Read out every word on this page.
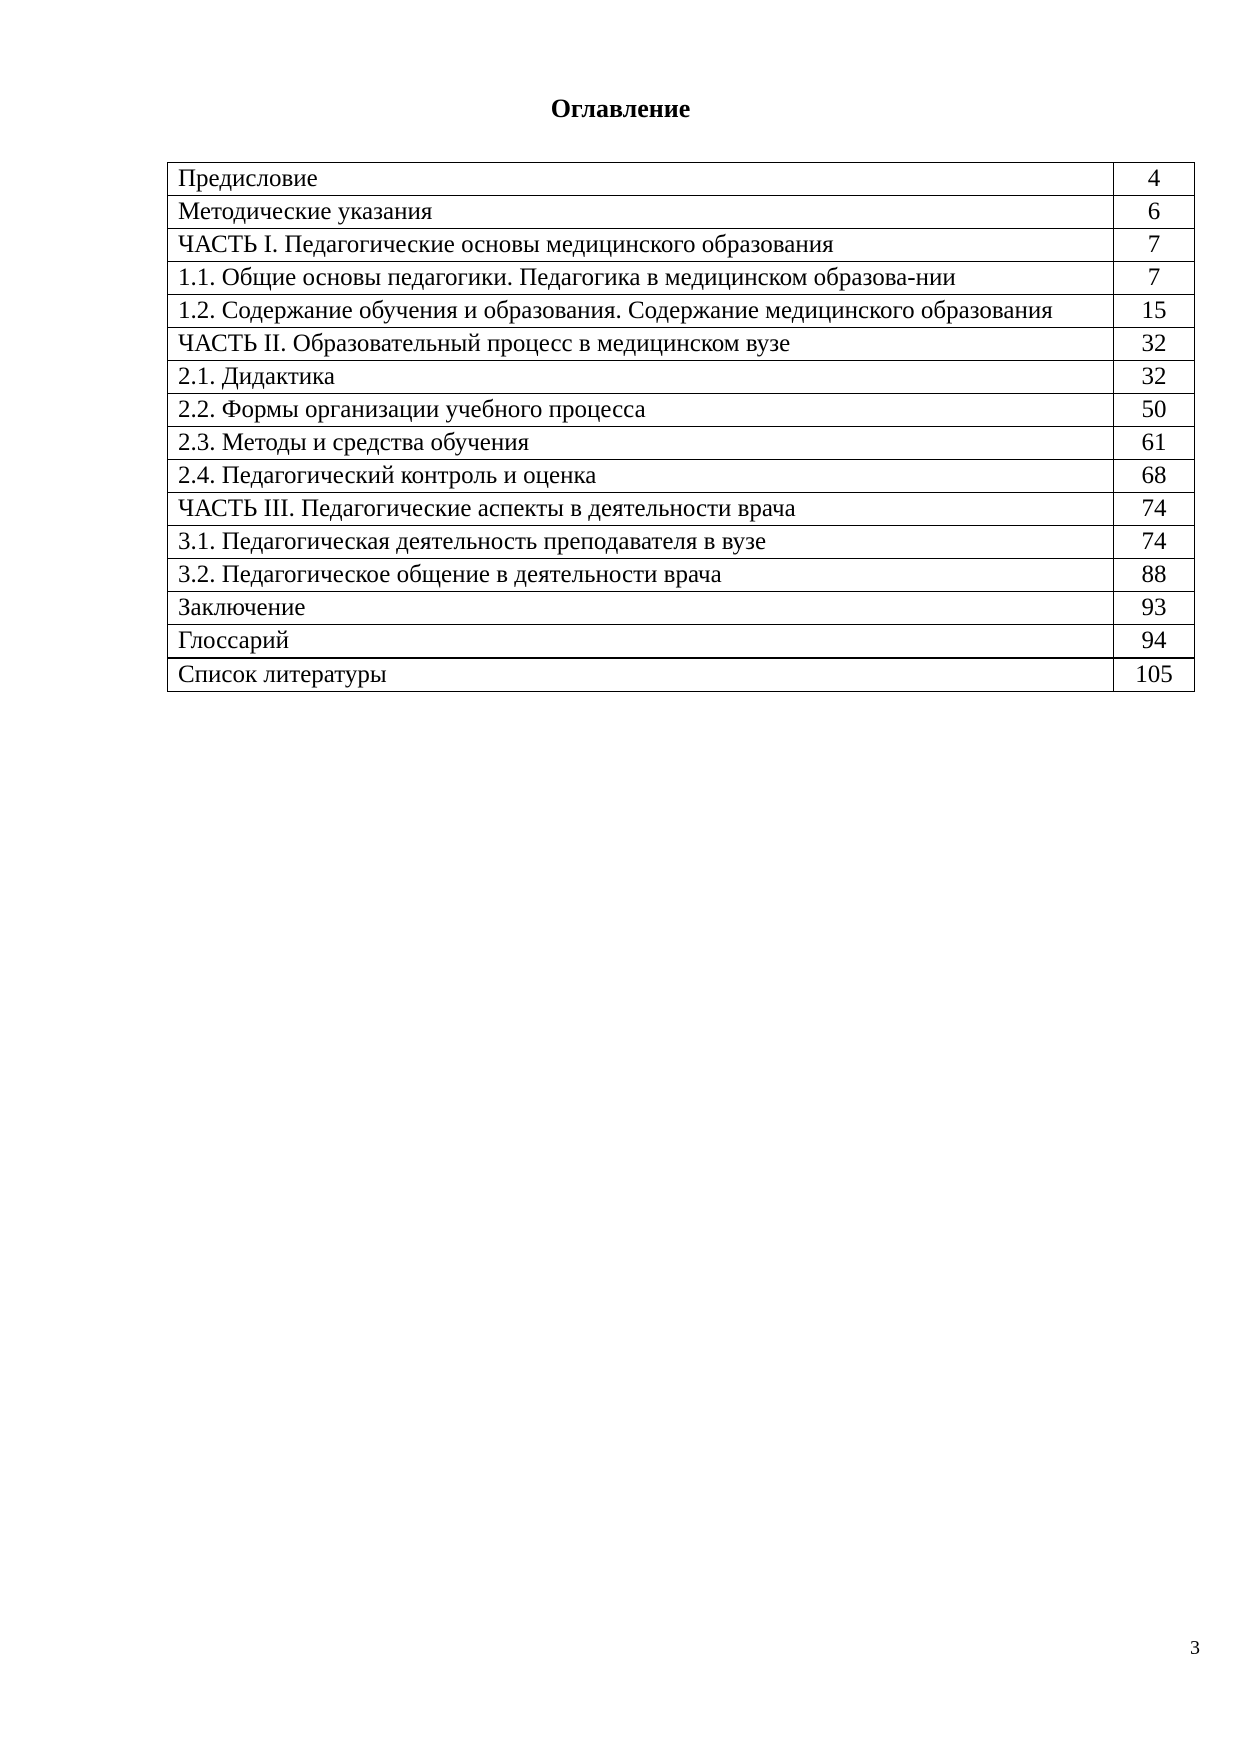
Оглавление
Предисловие	4
Методические указания	6
ЧАСТЬ I. Педагогические основы медицинского образования	7
1.1. Общие основы педагогики. Педагогика в медицинском образова-нии	7
1.2. Содержание обучения и образования. Содержание медицинского образования	15
ЧАСТЬ II. Образовательный процесс в медицинском вузе	32
2.1. Дидактика	32
2.2. Формы организации учебного процесса	50
2.3. Методы и средства обучения	61
2.4. Педагогический контроль и оценка	68
ЧАСТЬ III. Педагогические аспекты в деятельности врача	74
3.1. Педагогическая деятельность преподавателя в вузе	74
3.2. Педагогическое общение в деятельности врача	88
Заключение	93
Глоссарий	94
Список литературы	105
3
